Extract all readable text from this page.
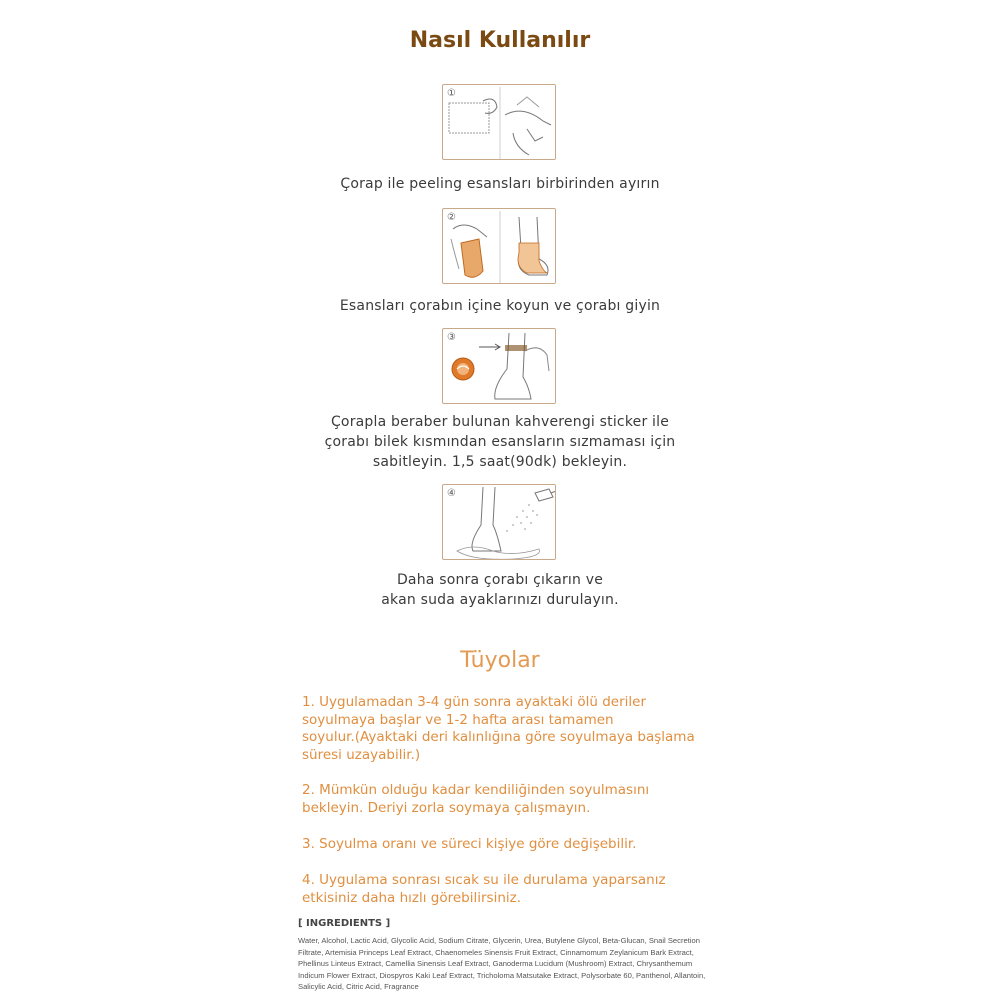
Nasıl Kullanılır
①
Çorap ile peeling esansları birbirinden ayırın
②
Esansları çorabın içine koyun ve çorabı giyin
③
Çorapla beraber bulunan kahverengi sticker ile
çorabı bilek kısmından esansların sızmaması için
sabitleyin. 1,5 saat(90dk) bekleyin.
④
Daha sonra çorabı çıkarın ve
akan suda ayaklarınızı durulayın.
Tüyolar
1. Uygulamadan 3-4 gün sonra ayaktaki ölü deriler
soyulmaya başlar ve 1-2 hafta arası tamamen
soyulur.(Ayaktaki deri kalınlığına göre soyulmaya başlama
süresi uzayabilir.)
2. Mümkün olduğu kadar kendiliğinden soyulmasını
bekleyin. Deriyi zorla soymaya çalışmayın.
3. Soyulma oranı ve süreci kişiye göre değişebilir.
4. Uygulama sonrası sıcak su ile durulama yaparsanız
etkisiniz daha hızlı görebilirsiniz.
[ INGREDIENTS ]
Water, Alcohol, Lactic Acid, Glycolic Acid, Sodium Citrate, Glycerin, Urea, Butylene Glycol, Beta-Glucan, Snail Secretion Filtrate, Artemisia Princeps Leaf Extract, Chaenomeles Sinensis Fruit Extract, Cinnamomum Zeylanicum Bark Extract, Phellinus Linteus Extract, Camellia Sinensis Leaf Extract, Ganoderma Lucidum (Mushroom) Extract, Chrysanthemum Indicum Flower Extract, Diospyros Kaki Leaf Extract, Tricholoma Matsutake Extract, Polysorbate 60, Panthenol, Allantoin, Salicylic Acid, Citric Acid, Fragrance
